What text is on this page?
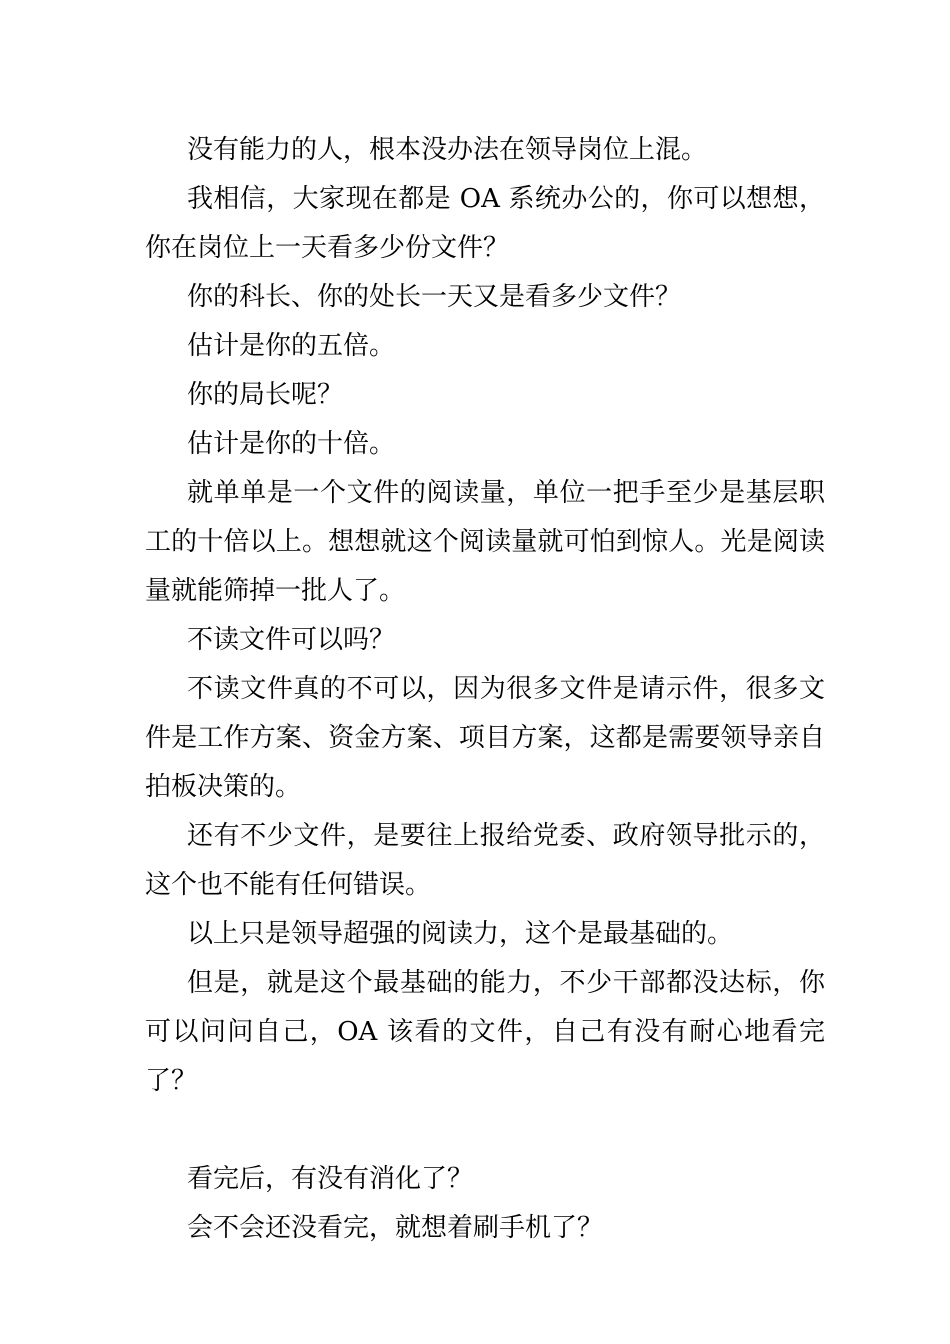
没有能力的人，根本没办法在领导岗位上混。

我相信，大家现在都是 OA 系统办公的，你可以想想，你在岗位上一天看多少份文件？

你的科长、你的处长一天又是看多少文件？

估计是你的五倍。

你的局长呢？

估计是你的十倍。

就单单是一个文件的阅读量，单位一把手至少是基层职工的十倍以上。想想就这个阅读量就可怕到惊人。光是阅读量就能筛掉一批人了。

不读文件可以吗？

不读文件真的不可以，因为很多文件是请示件，很多文件是工作方案、资金方案、项目方案，这都是需要领导亲自拍板决策的。

还有不少文件，是要往上报给党委、政府领导批示的，这个也不能有任何错误。

以上只是领导超强的阅读力，这个是最基础的。

但是，就是这个最基础的能力，不少干部都没达标，你可以问问自己，OA 该看的文件，自己有没有耐心地看完了？

看完后，有没有消化了？

会不会还没看完，就想着刷手机了？
